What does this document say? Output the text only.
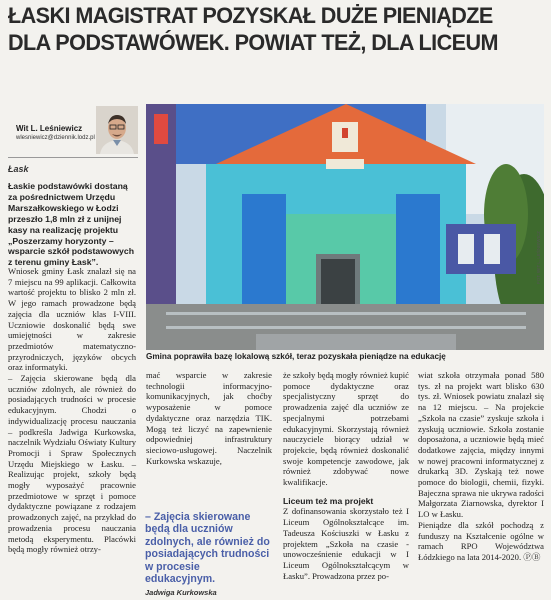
ŁASKI MAGISTRAT POZYSKAŁ DUŻE PIENIĄDZE
DLA PODSTAWÓWEK. POWIAT TEŻ, DLA LICEUM
Wit L. Leśniewicz
wlesniewicz@dziennik.lodz.pl
Łask
Łaskie podstawówki dostaną za pośrednictwem Urzędu Marszałkowskiego w Łodzi przeszło 1,8 mln zł z unijnej kasy na realizację projektu „Poszerzamy horyzonty – wsparcie szkół podstawowych z terenu gminy Łask”.
Wniosek gminy Łask znalazł się na 7 miejscu na 99 aplikacji. Całkowita wartość projektu to blisko 2 mln zł. W jego ramach prowadzone będą zajęcia dla uczniów klas I-VIII. Uczniowie doskonalić będą swe umiejętności w zakresie przedmiotów matematyczno-przyrodniczych, języków obcych oraz informatyki.
– Zajęcia skierowane będą dla uczniów zdolnych, ale również do posiadających trudności w procesie edukacyjnym. Chodzi o indywidualizację procesu nauczania – podkreśla Jadwiga Kurkowska, naczelnik Wydziału Oświaty Kultury Promocji i Spraw Społecznych Urzędu Miejskiego w Łasku. – Realizując projekt, szkoły będą mogły wyposażyć pracownie przedmiotowe w sprzęt i pomoce dydaktyczne powiązane z rodzajem prowadzonych zajęć, na przykład do prowadzenia procesu nauczania metodą eksperymentu. Placówki będą mogły również otrzy-
FOT. WIT L. LEŚNIEWICZ
Gmina poprawiła bazę lokalową szkół, teraz pozyskała pieniądze na edukację
mać wsparcie w zakresie technologii informacyjno-komunikacyjnych, jak choćby wyposażenie w pomoce dydaktyczne oraz narzędzia TIK. Mogą też liczyć na zapewnienie odpowiedniej infrastruktury sieciowo-usługowej. Naczelnik Kurkowska wskazuje,
– Zajęcia skierowane będą dla uczniów zdolnych, ale również do posiadających trudności w procesie edukacyjnym.
Jadwiga Kurkowska
że szkoły będą mogły również kupić pomoce dydaktyczne oraz specjalistyczny sprzęt do prowadzenia zajęć dla uczniów ze specjalnymi potrzebami edukacyjnymi. Skorzystają również nauczyciele biorący udział w projekcie, będą również doskonalić swoje kompetencje zawodowe, jak również zdobywać nowe kwalifikacje.
Liceum też ma projekt
Z dofinansowania skorzystało też I Liceum Ogólnokształcące im. Tadeusza Kościuszki w Łasku z projektem „Szkoła na czasie - unowocześnienie edukacji w I Liceum Ogólnokształcącym w Łasku”. Prowadzona przez po-
wiat szkoła otrzymała ponad 580 tys. zł na projekt wart blisko 630 tys. zł. Wniosek powiatu znalazł się na 12 miejscu. – Na projekcie „Szkoła na czasie” zyskuje szkoła i zyskują uczniowie. Szkoła zostanie doposażona, a uczniowie będą mieć dodatkowe zajęcia, między innymi w nowej pracowni informatycznej z drukarką 3D. Zyskają też nowe pomoce do biologii, chemii, fizyki. Bajeczna sprawa nie ukrywa radości Małgorzata Ziarnowska, dyrektor I LO w Łasku.
Pieniądze dla szkół pochodzą z funduszy na Kształcenie ogólne w ramach RPO Województwa Łódzkiego na lata 2014-2020. ⓅⒷ
